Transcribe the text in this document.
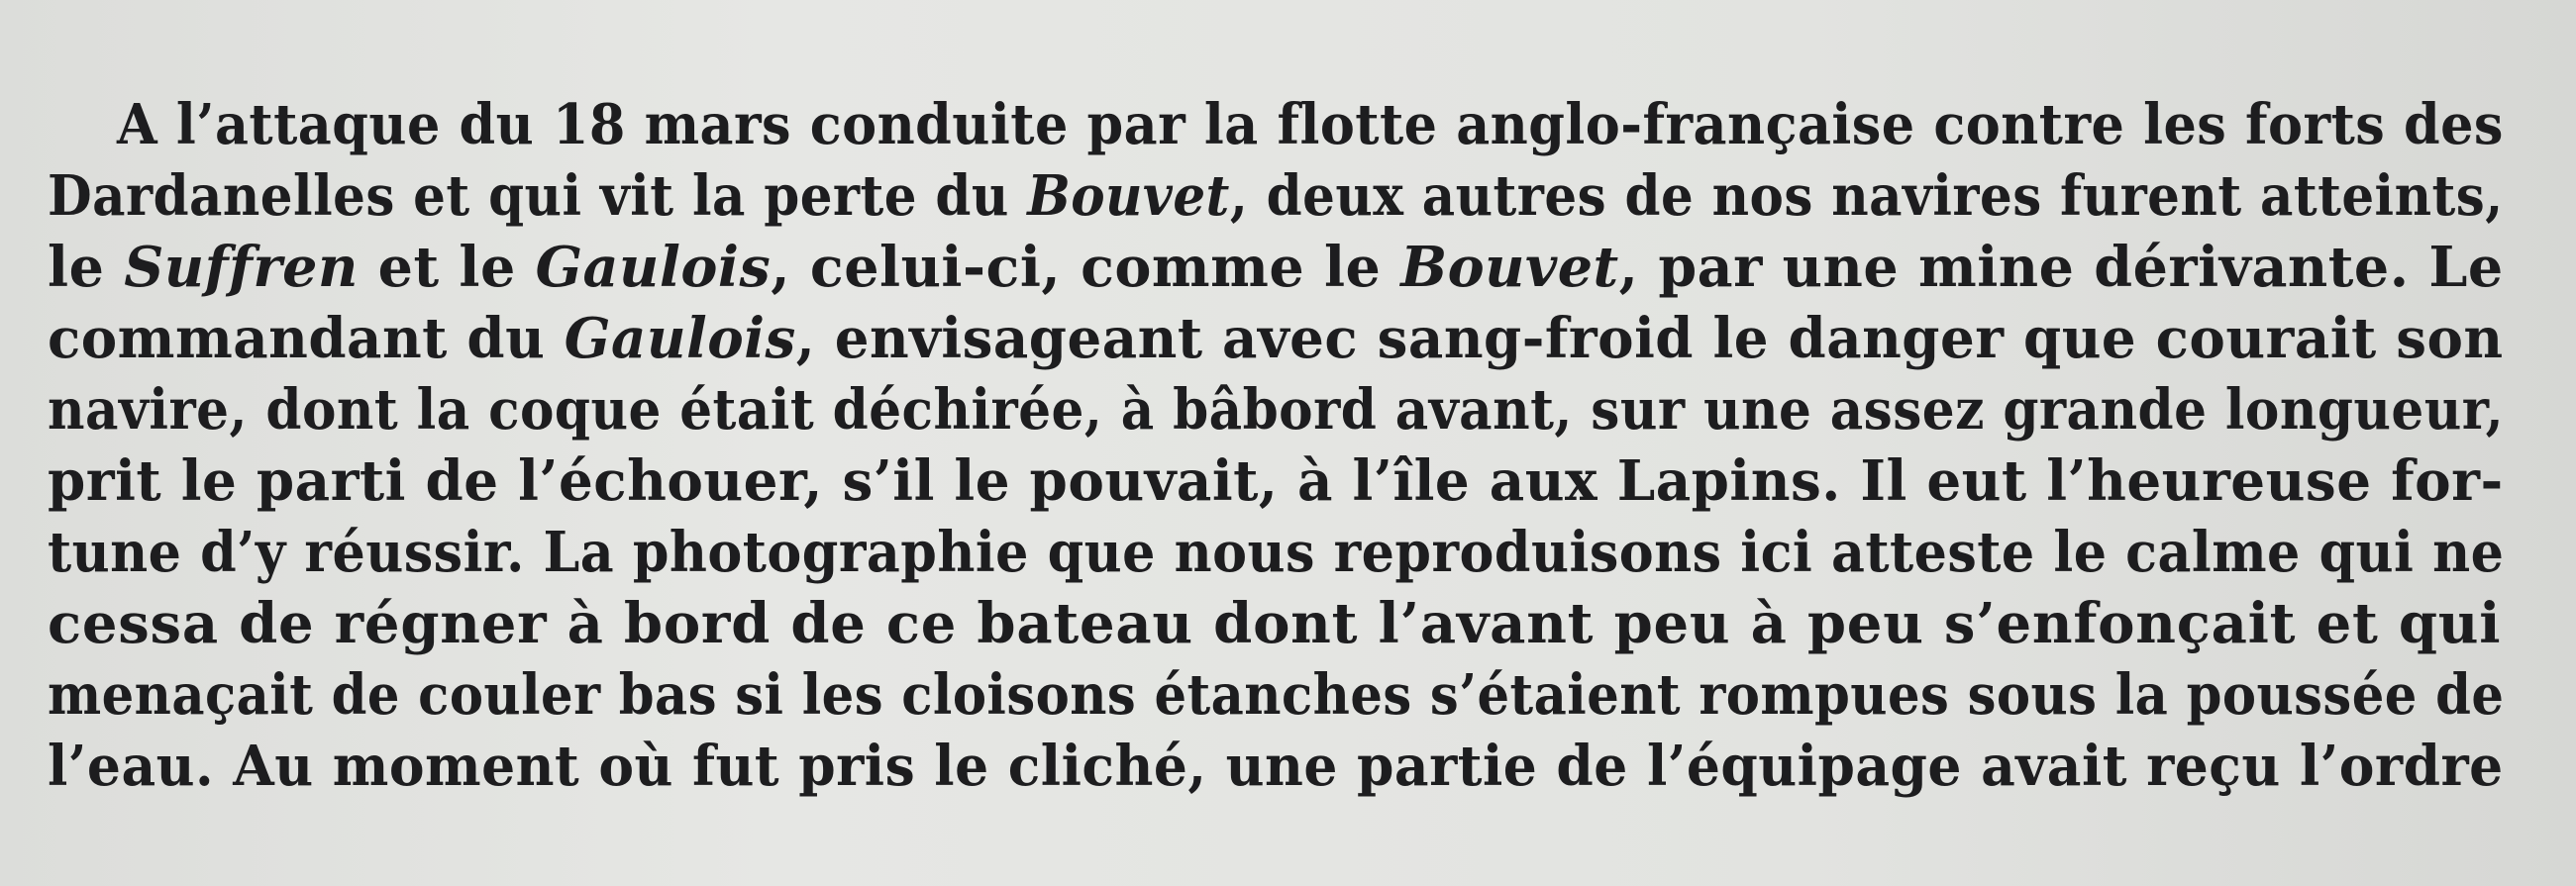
A l’attaque du 18 mars conduite par la flotte anglo-française contre les forts des
Dardanelles et qui vit la perte du Bouvet, deux autres de nos navires furent atteints,
le Suffren et le Gaulois, celui-ci, comme le Bouvet, par une mine dérivante. Le
commandant du Gaulois, envisageant avec sang-froid le danger que courait son
navire, dont la coque était déchirée, à bâbord avant, sur une assez grande longueur,
prit le parti de l’échouer, s’il le pouvait, à l’île aux Lapins. Il eut l’heureuse for-
tune d’y réussir. La photographie que nous reproduisons ici atteste le calme qui ne
cessa de régner à bord de ce bateau dont l’avant peu à peu s’enfonçait et qui
menaçait de couler bas si les cloisons étanches s’étaient rompues sous la poussée de
l’eau. Au moment où fut pris le cliché, une partie de l’équipage avait reçu l’ordre
